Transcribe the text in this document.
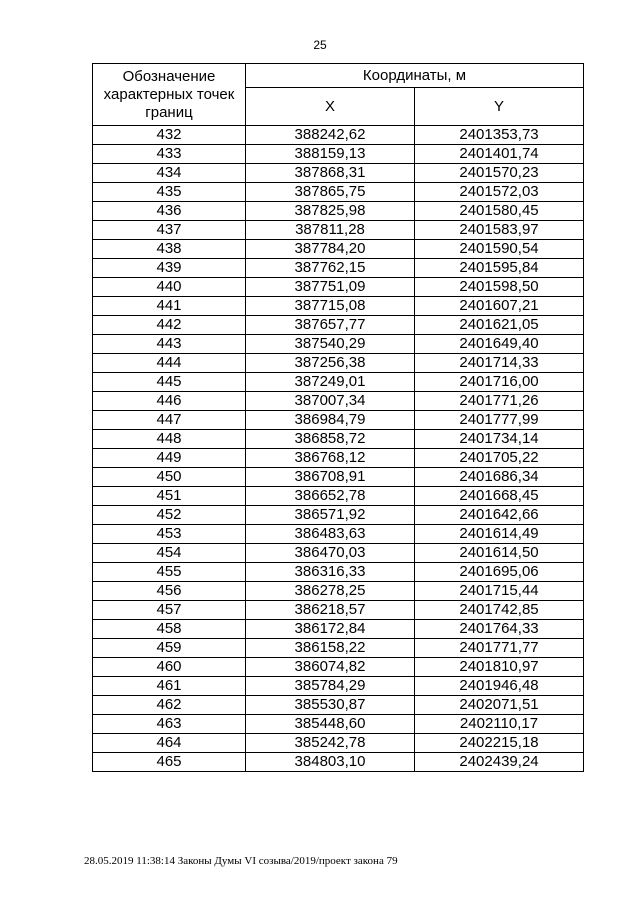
25
Обозначение характерных точек границ	Координаты, м	
	X	Y
432	388242,62	2401353,73
433	388159,13	2401401,74
434	387868,31	2401570,23
435	387865,75	2401572,03
436	387825,98	2401580,45
437	387811,28	2401583,97
438	387784,20	2401590,54
439	387762,15	2401595,84
440	387751,09	2401598,50
441	387715,08	2401607,21
442	387657,77	2401621,05
443	387540,29	2401649,40
444	387256,38	2401714,33
445	387249,01	2401716,00
446	387007,34	2401771,26
447	386984,79	2401777,99
448	386858,72	2401734,14
449	386768,12	2401705,22
450	386708,91	2401686,34
451	386652,78	2401668,45
452	386571,92	2401642,66
453	386483,63	2401614,49
454	386470,03	2401614,50
455	386316,33	2401695,06
456	386278,25	2401715,44
457	386218,57	2401742,85
458	386172,84	2401764,33
459	386158,22	2401771,77
460	386074,82	2401810,97
461	385784,29	2401946,48
462	385530,87	2402071,51
463	385448,60	2402110,17
464	385242,78	2402215,18
465	384803,10	2402439,24
28.05.2019 11:38:14 Законы Думы VI созыва/2019/проект закона 79
